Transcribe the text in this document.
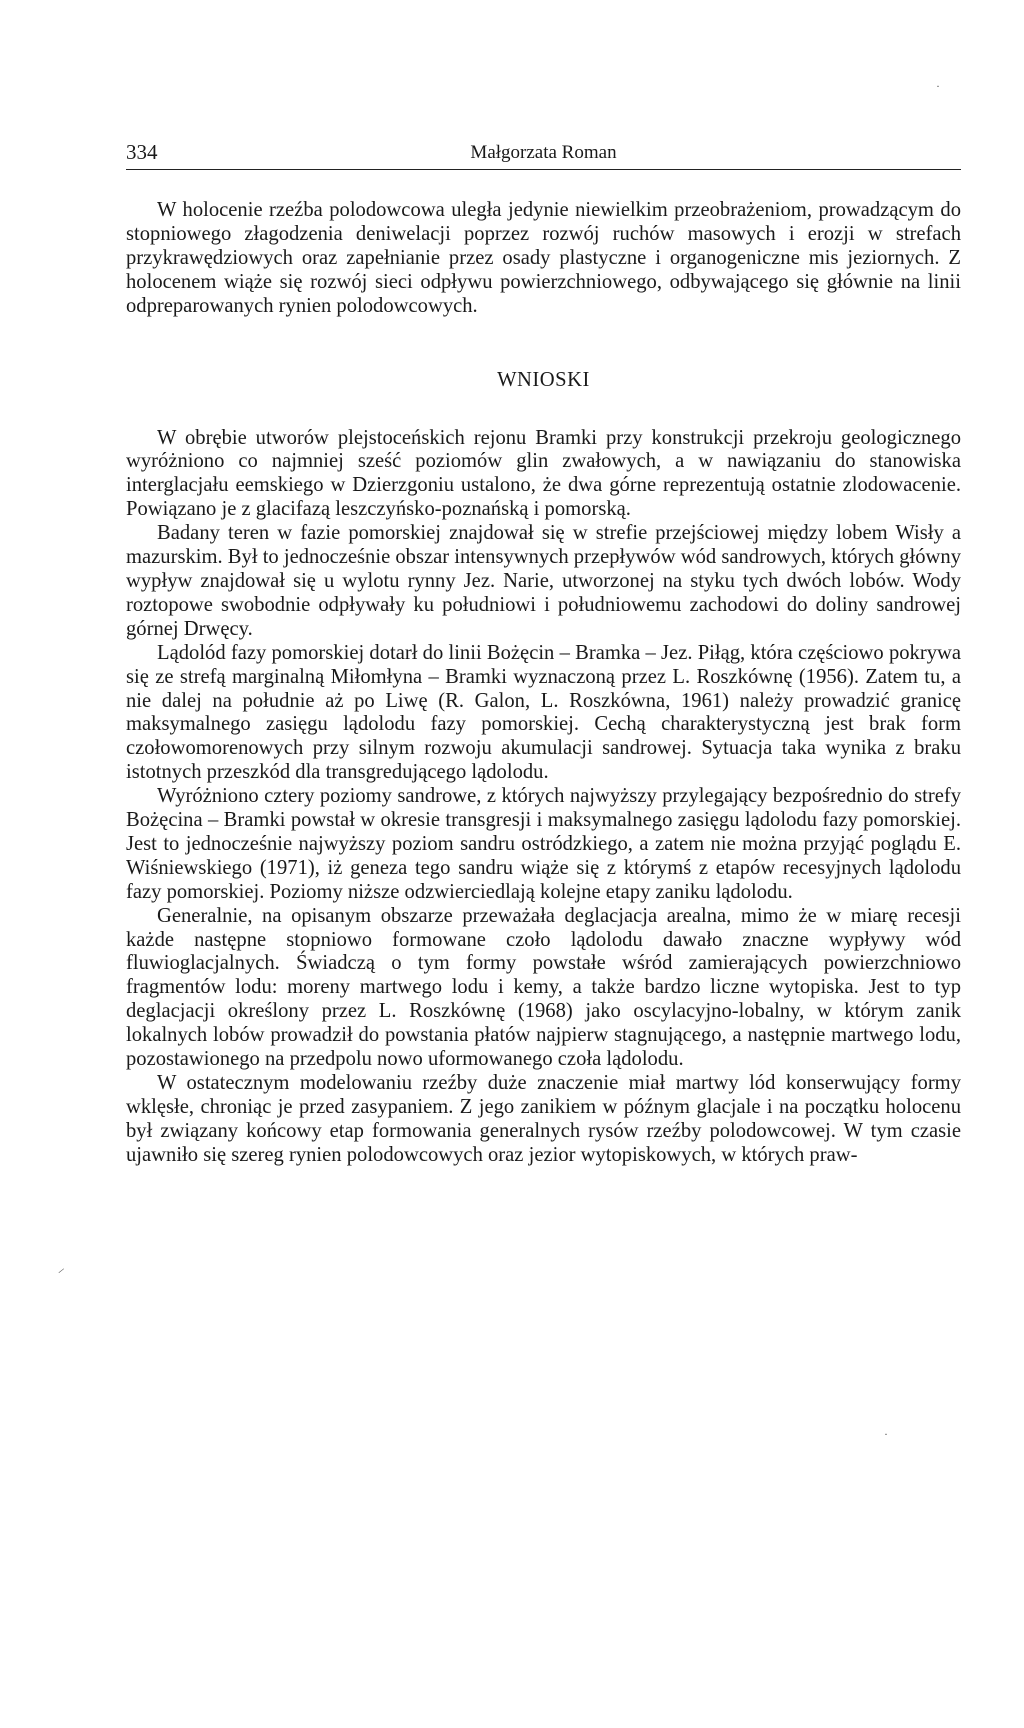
334	Małgorzata Roman

W holocenie rzeźba polodowcowa uległa jedynie niewielkim przeobrażeniom, prowadzącym do stopniowego złagodzenia deniwelacji poprzez rozwój ruchów masowych i erozji w strefach przykrawędziowych oraz zapełnianie przez osady plastyczne i organogeniczne mis jeziornych. Z holocenem wiąże się rozwój sieci odpływu powierzchniowego, odbywającego się głównie na linii odpreparowanych rynien polodowcowych.

WNIOSKI

W obrębie utworów plejstoceńskich rejonu Bramki przy konstrukcji przekroju geologicznego wyróżniono co najmniej sześć poziomów glin zwałowych, a w nawiązaniu do stanowiska interglacjału eemskiego w Dzierzgoniu ustalono, że dwa górne reprezentują ostatnie zlodowacenie. Powiązano je z glacifazą leszczyńsko-poznańską i pomorską.

Badany teren w fazie pomorskiej znajdował się w strefie przejściowej między lobem Wisły a mazurskim. Był to jednocześnie obszar intensywnych przepływów wód sandrowych, których główny wypływ znajdował się u wylotu rynny Jez. Narie, utworzonej na styku tych dwóch lobów. Wody roztopowe swobodnie odpływały ku południowi i południowemu zachodowi do doliny sandrowej górnej Drwęcy.

Lądolód fazy pomorskiej dotarł do linii Bożęcin – Bramka – Jez. Piłąg, która częściowo pokrywa się ze strefą marginalną Miłomłyna – Bramki wyznaczoną przez L. Roszkównę (1956). Zatem tu, a nie dalej na południe aż po Liwę (R. Galon, L. Roszkówna, 1961) należy prowadzić granicę maksymalnego zasięgu lądolodu fazy pomorskiej. Cechą charakterystyczną jest brak form czołowomorenowych przy silnym rozwoju akumulacji sandrowej. Sytuacja taka wynika z braku istotnych przeszkód dla transgredującego lądolodu.

Wyróżniono cztery poziomy sandrowe, z których najwyższy przylegający bezpośrednio do strefy Bożęcina – Bramki powstał w okresie transgresji i maksymalnego zasięgu lądolodu fazy pomorskiej. Jest to jednocześnie najwyższy poziom sandru ostródzkiego, a zatem nie można przyjąć poglądu E. Wiśniewskiego (1971), iż geneza tego sandru wiąże się z którymś z etapów recesyjnych lądolodu fazy pomorskiej. Poziomy niższe odzwierciedlają kolejne etapy zaniku lądolodu.

Generalnie, na opisanym obszarze przeważała deglacjacja arealna, mimo że w miarę recesji każde następne stopniowo formowane czoło lądolodu dawało znaczne wypływy wód fluwioglacjalnych. Świadczą o tym formy powstałe wśród zamierających powierzchniowo fragmentów lodu: moreny martwego lodu i kemy, a także bardzo liczne wytopiska. Jest to typ deglacjacji określony przez L. Roszkównę (1968) jako oscylacyjno-lobalny, w którym zanik lokalnych lobów prowadził do powstania płatów najpierw stagnującego, a następnie martwego lodu, pozostawionego na przedpolu nowo uformowanego czoła lądolodu.

W ostatecznym modelowaniu rzeźby duże znaczenie miał martwy lód konserwujący formy wklęsłe, chroniąc je przed zasypaniem. Z jego zanikiem w późnym glacjale i na początku holocenu był związany końcowy etap formowania generalnych rysów rzeźby polodowcowej. W tym czasie ujawniło się szereg rynien polodowcowych oraz jezior wytopiskowych, w których praw-

·
⸝
·
